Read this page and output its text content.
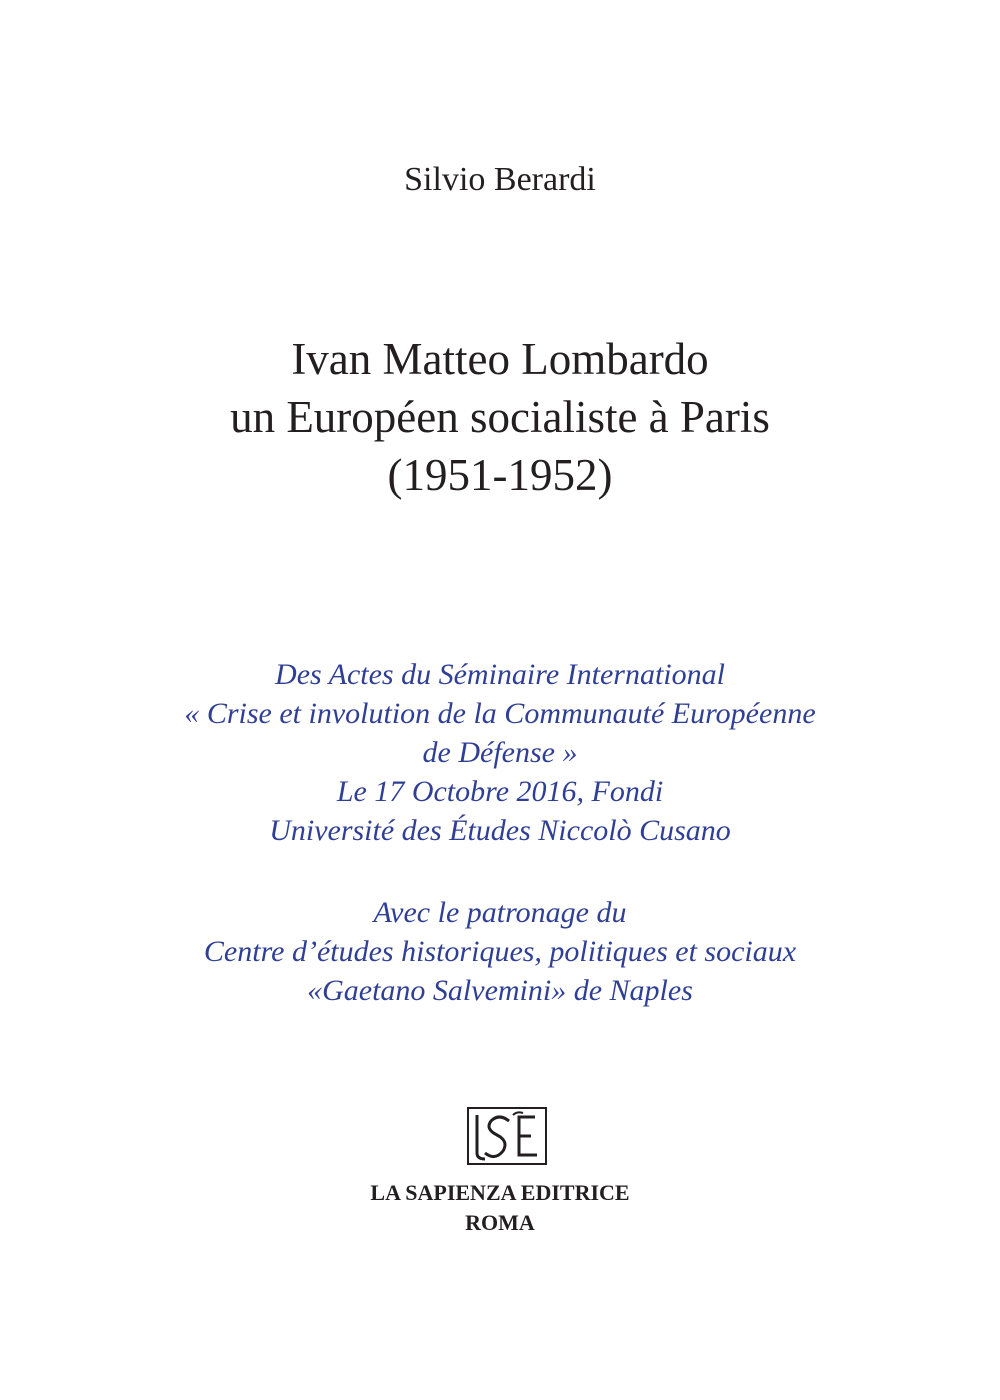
Silvio Berardi
Ivan Matteo Lombardo
un Européen socialiste à Paris
(1951-1952)
Des Actes du Séminaire International
« Crise et involution de la Communauté Européenne
de Défense »
Le 17 Octobre 2016, Fondi
Université des Études Niccolò Cusano
Avec le patronage du
Centre d’études historiques, politiques et sociaux
«Gaetano Salvemini» de Naples
LA SAPIENZA EDITRICE
ROMA
